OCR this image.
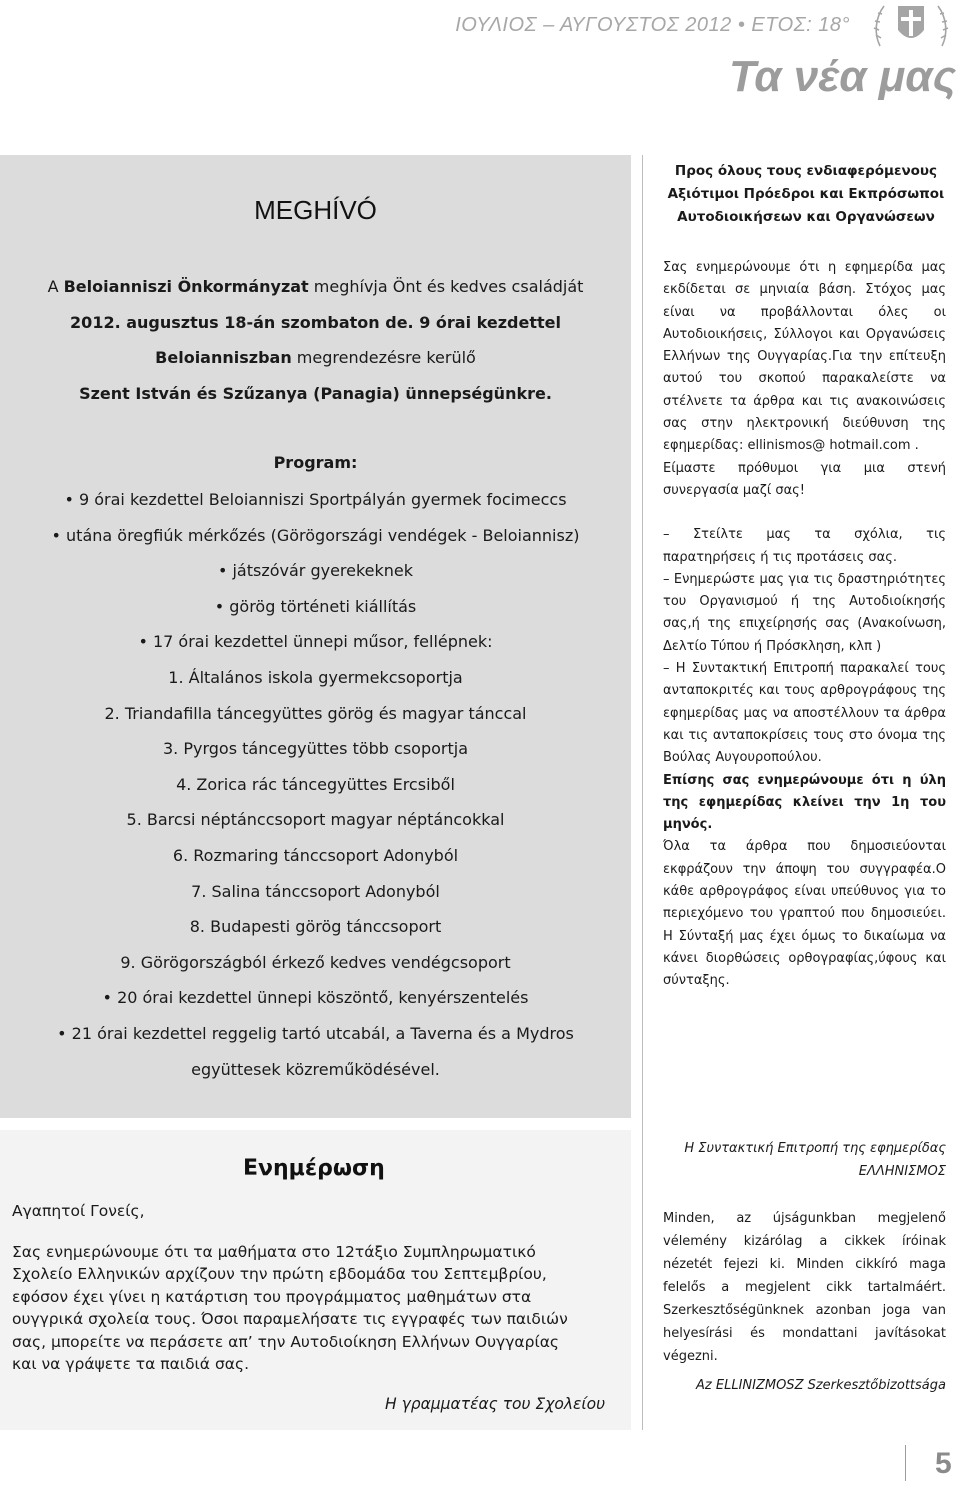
ΙΟΥΛΙΟΣ – ΑΥΓΟΥΣΤΟΣ 2012 • ΕΤΟΣ: 18°
Τα νέα μας
MEGHÍVÓ

A Beloianniszi Önkormányzat meghívja Önt és kedves családját

2012. augusztus 18-án szombaton de. 9 órai kezdettel

Beloianniszban megrendezésre kerülő

Szent István és Szűzanya (Panagia) ünnepségünkre.

Program:
• 9 órai kezdettel Beloianniszi Sportpályán gyermek focimeccs
• utána öregfiúk mérkőzés (Görögországi vendégek - Beloiannisz)
• játszóvár gyerekeknek
• görög történeti kiállítás
• 17 órai kezdettel ünnepi műsor, fellépnek:
1. Általános iskola gyermekcsoportja
2. Triandafilla táncegyüttes görög és magyar tánccal
3. Pyrgos táncegyüttes több csoportja
4. Zorica rác táncegyüttes Ercsiből
5. Barcsi néptánccsoport magyar néptáncokkal
6. Rozmaring tánccsoport Adonyból
7. Salina tánccsoport Adonyból
8. Budapesti görög tánccsoport
9. Görögországból érkező kedves vendégcsoport
• 20 órai kezdettel ünnepi köszöntő, kenyérszentelés
• 21 órai kezdettel reggelig tartó utcabál, a Taverna és a Mydros
együttesek közreműködésével.
Προς όλους τους ενδιαφερόμενους
Αξιότιμοι Πρόεδροι και Εκπρόσωποι
Αυτοδιοικήσεων και Οργανώσεων

Σας ενημερώνουμε ότι η εφημερίδα μας εκδίδεται σε μηνιαία βάση. Στόχος μας είναι να προβάλλονται όλες οι Αυτοδιοικήσεις, Σύλλογοι και Οργανώσεις Ελλήνων της Ουγγαρίας.Για την επίτευξη αυτού του σκοπού παρακαλείστε να στέλνετε τα άρθρα και τις ανακοινώσεις σας στην ηλεκτρονική διεύθυνση της εφημερίδας: ellinismos@ hotmail.com .

Είμαστε πρόθυμοι για μια στενή συνεργασία μαζί σας!

– Στείλτε μας τα σχόλια, τις παρατηρήσεις ή τις προτάσεις σας.

– Ενημερώστε μας για τις δραστηριότητες του Οργανισμού ή της Αυτοδιοίκησής σας,ή της επιχείρησής σας (Ανακοίνωση, Δελτίο Τύπου ή Πρόσκληση, κλπ )

– Η Συντακτική Επιτροπή παρακαλεί τους ανταποκριτές και τους αρθρογράφους της εφημερίδας μας να αποστέλλουν τα άρθρα και τις ανταποκρίσεις τους στο όνομα της Βούλας Αυγουροπούλου.

Επίσης σας ενημερώνουμε ότι η ύλη της εφημερίδας κλείνει την 1η του μηνός.

Όλα τα άρθρα που δημοσιεύονται εκφράζουν την άποψη του συγγραφέα.Ο κάθε αρθρογράφος είναι υπεύθυνος για το περιεχόμενο του γραπτού που δημοσιεύει. Η Σύνταξή μας έχει όμως το δικαίωμα να κάνει διορθώσεις ορθογραφίας,ύφους και σύνταξης.

Η Συντακτική Επιτροπή της εφημερίδας ΕΛΛΗΝΙΣΜΟΣ
Minden, az újságunkban megjelenő vélemény kizárólag a cikkek íróinak nézetét fejezi ki. Minden cikkíró maga felelős a megjelent cikk tartalmáért. Szerkesztőségünknek azonban joga van helyesírási és mondattani javításokat végezni.
Az ELLINIZMOSZ Szerkesztőbizottsága
Ενημέρωση
Αγαπητοί Γονείς,

Σας ενημερώνουμε ότι τα μαθήματα στο 12τάξιο Συμπληρωματικό

Σχολείο Ελληνικών αρχίζουν την πρώτη εβδομάδα του Σεπτεμβρίου,

εφόσον έχει γίνει η κατάρτιση του προγράμματος μαθημάτων στα

ουγγρικά σχολεία τους. Όσοι παραμελήσατε τις εγγραφές των παιδιών

σας, μπορείτε να περάσετε απ’ την Αυτοδιοίκηση Ελλήνων Ουγγαρίας

και να γράψετε τα παιδιά σας.

Η γραμματέας του Σχολείου
5
